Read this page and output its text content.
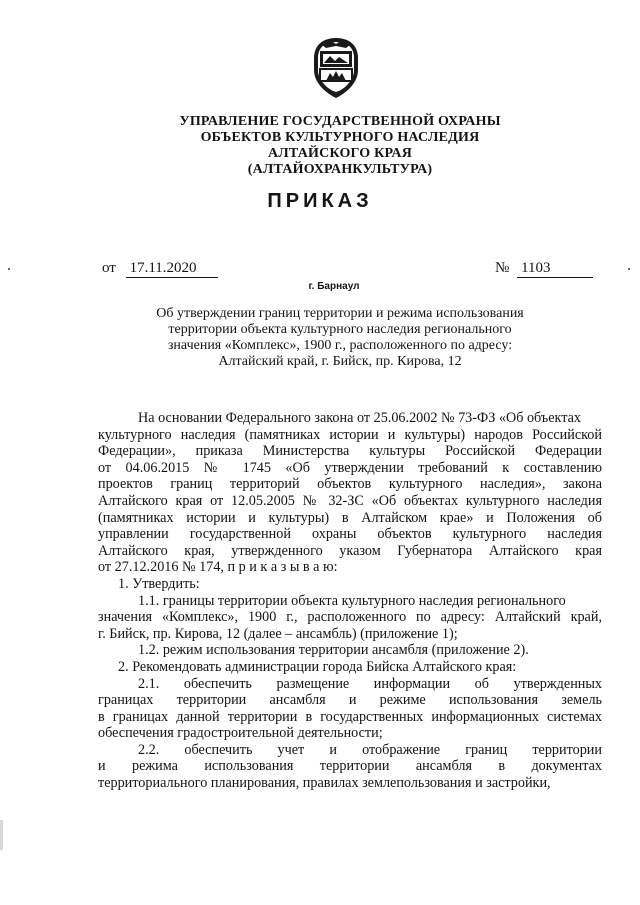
УПРАВЛЕНИЕ ГОСУДАРСТВЕННОЙ ОХРАНЫ
ОБЪЕКТОВ КУЛЬТУРНОГО НАСЛЕДИЯ
АЛТАЙСКОГО КРАЯ
(АЛТАЙОХРАНКУЛЬТУРА)
ПРИКАЗ
от 17.11.2020	№ 1103
г. Барнаул
Об утверждении границ территории и режима использования
территории объекта культурного наследия регионального
значения «Комплекс», 1900 г., расположенного по адресу:
Алтайский край, г. Бийск, пр. Кирова, 12
На основании Федерального закона от 25.06.2002 № 73-ФЗ «Об объектах
культурного наследия (памятниках истории и культуры) народов Российской
Федерации», приказа Министерства культуры Российской Федерации
от 04.06.2015 № 1745 «Об утверждении требований к составлению
проектов границ территорий объектов культурного наследия», закона
Алтайского края от 12.05.2005 № 32-ЗС «Об объектах культурного наследия
(памятниках истории и культуры) в Алтайском крае» и Положения об
управлении государственной охраны объектов культурного наследия
Алтайского края, утвержденного указом Губернатора Алтайского края
от 27.12.2016 № 174, п р и к а з ы в а ю:
1. Утвердить:
1.1. границы территории объекта культурного наследия регионального
значения «Комплекс», 1900 г., расположенного по адресу: Алтайский край,
г. Бийск, пр. Кирова, 12 (далее – ансамбль) (приложение 1);
1.2. режим использования территории ансамбля (приложение 2).
2. Рекомендовать администрации города Бийска Алтайского края:
2.1. обеспечить размещение информации об утвержденных
границах территории ансамбля и режиме использования земель
в границах данной территории в государственных информационных системах
обеспечения градостроительной деятельности;
2.2. обеспечить учет и отображение границ территории
и режима использования территории ансамбля в документах
территориального планирования, правилах землепользования и застройки,
